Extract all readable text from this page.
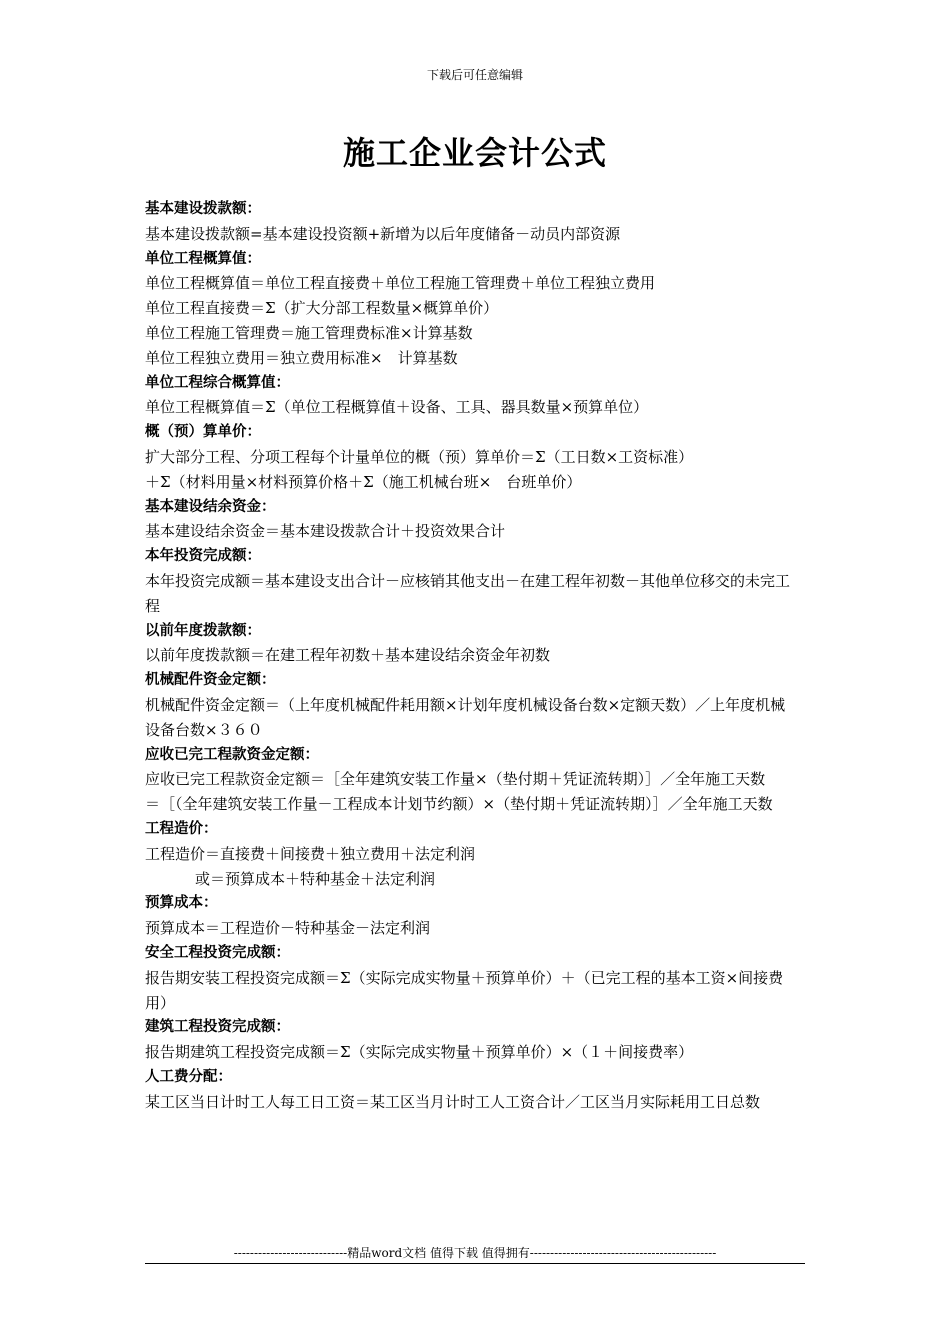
下载后可任意编辑
施工企业会计公式
基本建设拨款额：
基本建设拨款额=基本建设投资额+新增为以后年度储备－动员内部资源
单位工程概算值：
单位工程概算值＝单位工程直接费＋单位工程施工管理费＋单位工程独立费用
单位工程直接费＝Σ（扩大分部工程数量×概算单价）
单位工程施工管理费＝施工管理费标准×计算基数
单位工程独立费用＝独立费用标准×　计算基数
单位工程综合概算值：
单位工程概算值＝Σ（单位工程概算值＋设备、工具、器具数量×预算单位）
概（预）算单价：
扩大部分工程、分项工程每个计量单位的概（预）算单价＝Σ（工日数×工资标准）
＋Σ（材料用量×材料预算价格＋Σ（施工机械台班×　台班单价）
基本建设结余资金：
基本建设结余资金＝基本建设拨款合计＋投资效果合计
本年投资完成额：
本年投资完成额＝基本建设支出合计－应核销其他支出－在建工程年初数－其他单位移交的未完工程
以前年度拨款额：
以前年度拨款额＝在建工程年初数＋基本建设结余资金年初数
机械配件资金定额：
机械配件资金定额＝（上年度机械配件耗用额×计划年度机械设备台数×定额天数）／上年度机械设备台数×３６０
应收已完工程款资金定额：
应收已完工程款资金定额＝［全年建筑安装工作量×（垫付期＋凭证流转期）］／全年施工天数
＝［（全年建筑安装工作量－工程成本计划节约额）×（垫付期＋凭证流转期）］／全年施工天数
工程造价：
工程造价＝直接费＋间接费＋独立费用＋法定利润
或＝预算成本＋特种基金＋法定利润
预算成本：
预算成本＝工程造价－特种基金－法定利润
安全工程投资完成额：
报告期安装工程投资完成额＝Σ（实际完成实物量＋预算单价）＋（已完工程的基本工资×间接费用）
建筑工程投资完成额：
报告期建筑工程投资完成额＝Σ（实际完成实物量＋预算单价）×（１＋间接费率）
人工费分配：
某工区当日计时工人每工日工资＝某工区当月计时工人工资合计／工区当月实际耗用工日总数
----------------------------精品word文档 值得下载 值得拥有----------------------------------------------
